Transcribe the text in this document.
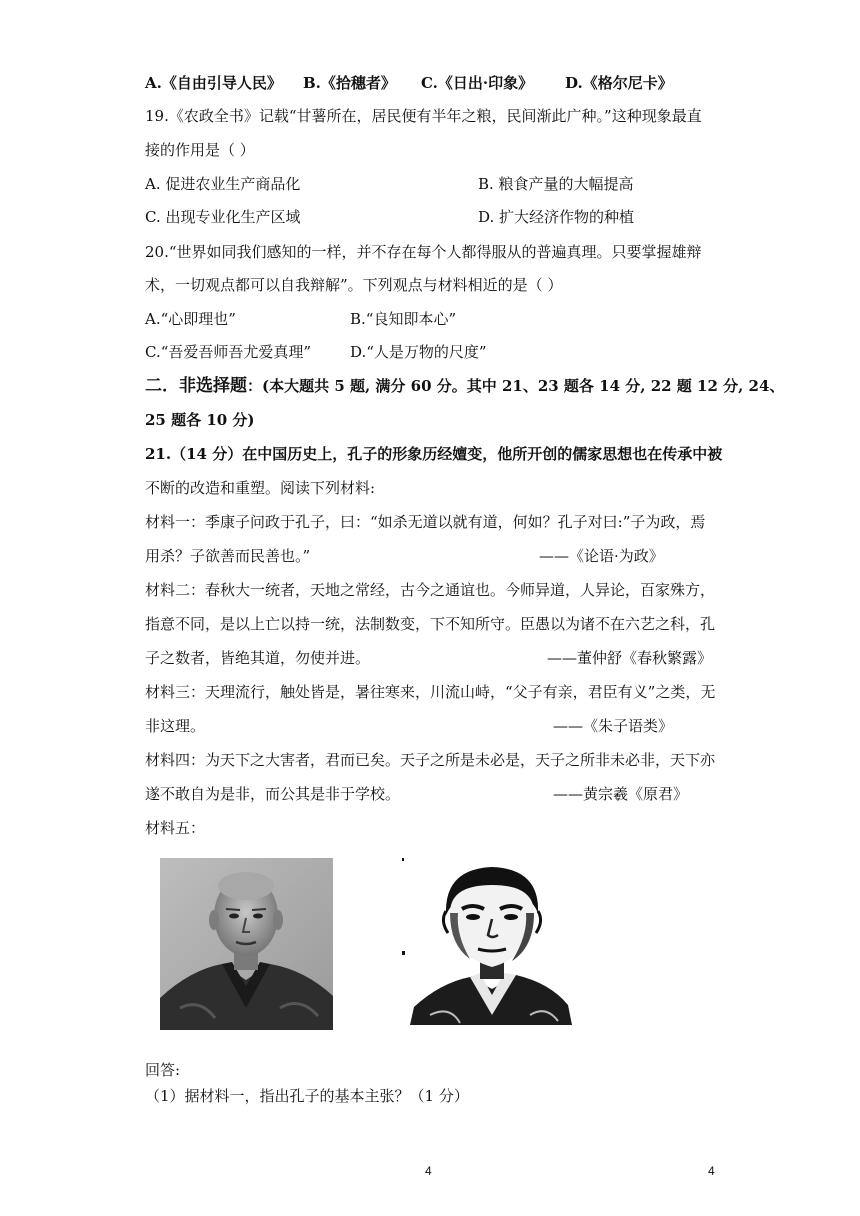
A.《自由引导人民》 B.《拾穗者》 C.《日出·印象》 D.《格尔尼卡》
19.《农政全书》记载“甘薯所在，居民便有半年之粮，民间渐此广种。”这种现象最直
接的作用是（ ）
A. 促进农业生产商品化	B. 粮食产量的大幅提高
C. 出现专业化生产区域	D. 扩大经济作物的种植
20.“世界如同我们感知的一样，并不存在每个人都得服从的普遍真理。只要掌握雄辩
术，一切观点都可以自我辩解”。下列观点与材料相近的是（ ）
A.“心即理也”	B.“良知即本心”
C.“吾爱吾师吾尤爱真理”	D.“人是万物的尺度”
二．非选择题：(本大题共 5 题, 满分 60 分。其中 21、23 题各 14 分, 22 题 12 分, 24、
25 题各 10 分)
21.（14 分）在中国历史上，孔子的形象历经嬗变，他所开创的儒家思想也在传承中被
不断的改造和重塑。阅读下列材料:
材料一：季康子问政于孔子，曰：“如杀无道以就有道，何如？孔子对曰:”子为政，焉
用杀？子欲善而民善也。”	——《论语·为政》
材料二：春秋大一统者，天地之常经，古今之通谊也。今师异道，人异论，百家殊方，
指意不同，是以上亡以持一统，法制数变，下不知所守。臣愚以为诸不在六艺之科，孔
子之数者，皆绝其道，勿使并进。	——董仲舒《春秋繁露》
材料三：天理流行，触处皆是，暑往寒来，川流山峙，“父子有亲，君臣有义”之类，无
非这理。	——《朱子语类》
材料四：为天下之大害者，君而已矣。天子之所是未必是，天子之所非未必非，天下亦
遂不敢自为是非，而公其是非于学校。	——黄宗羲《原君》
材料五：
回答:
（1）据材料一，指出孔子的基本主张？（1 分）
4	4
